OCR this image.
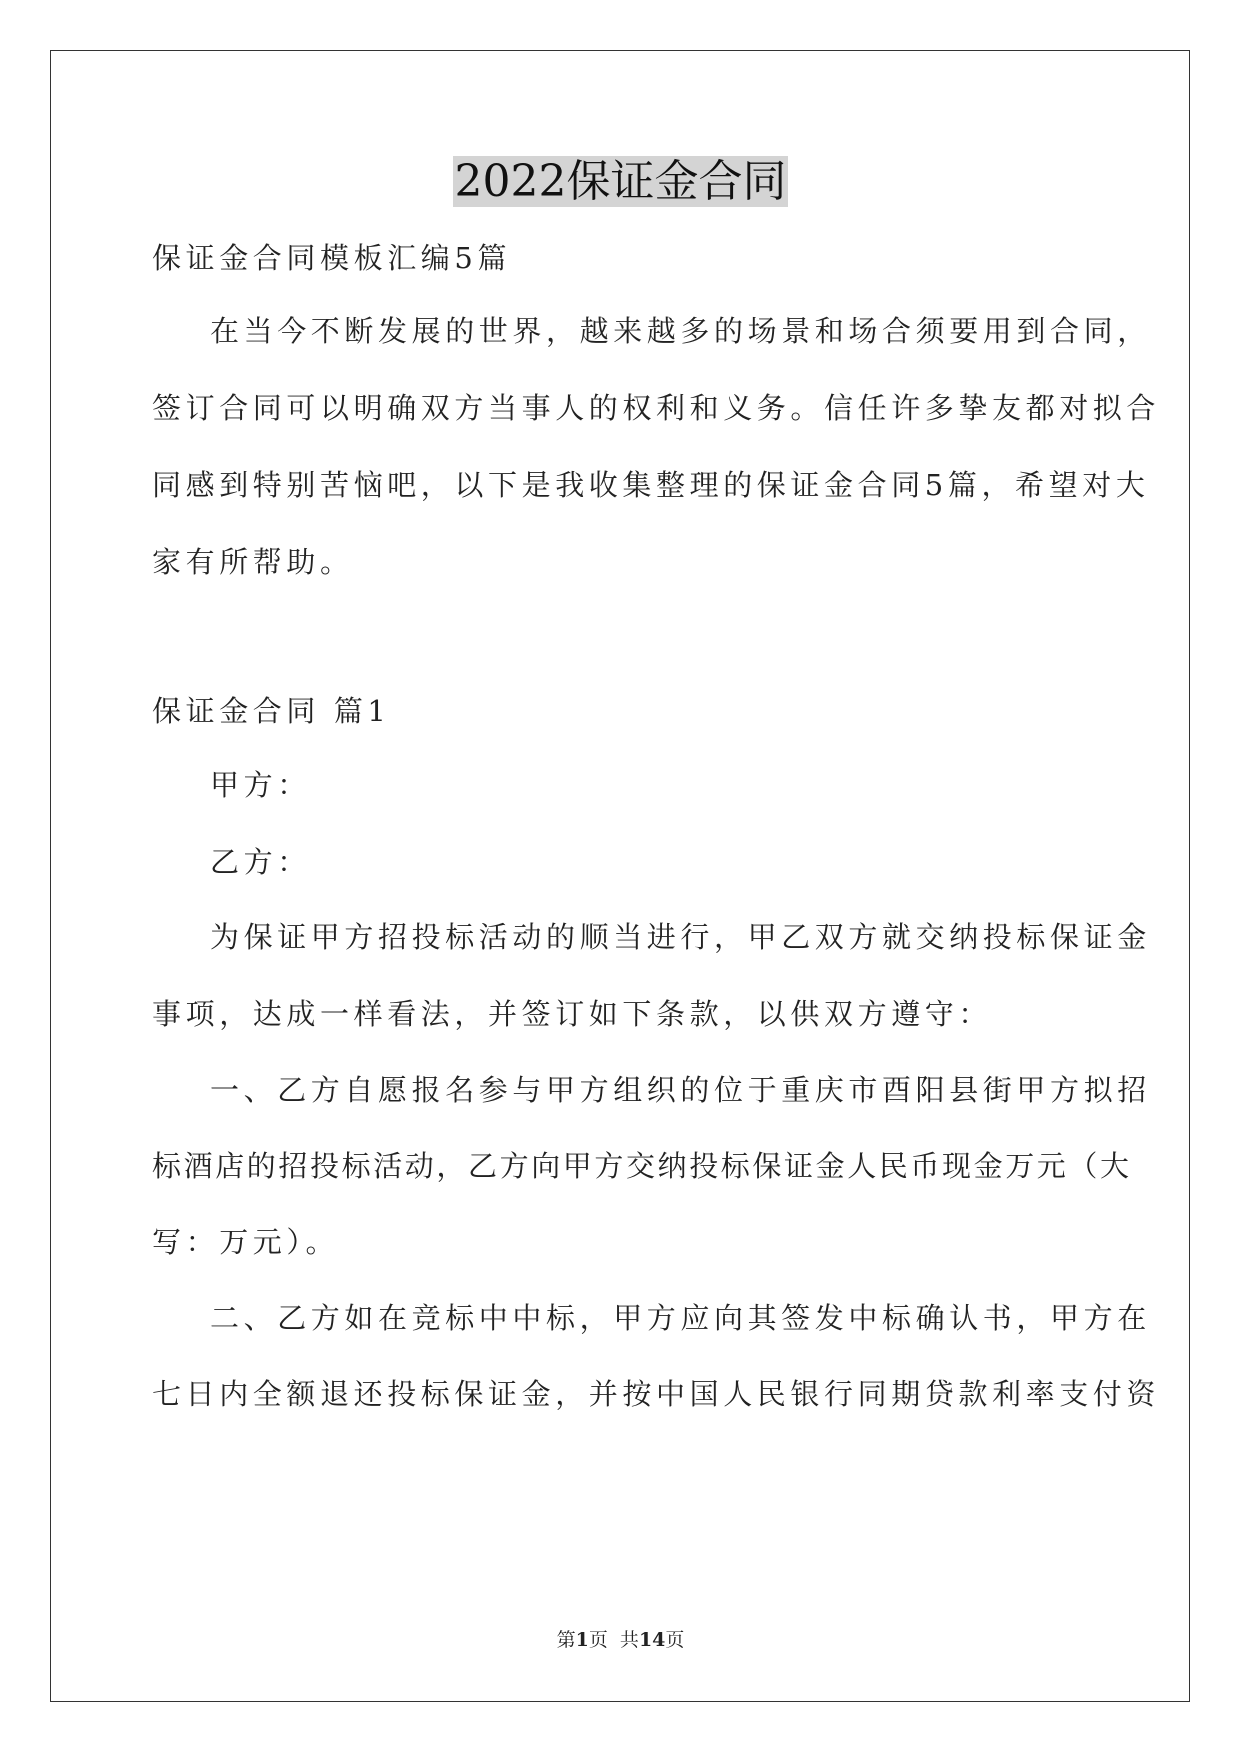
2022保证金合同
保证金合同模板汇编5篇
在当今不断发展的世界，越来越多的场景和场合须要用到合同，
签订合同可以明确双方当事人的权利和义务。信任许多挚友都对拟合
同感到特别苦恼吧，以下是我收集整理的保证金合同5篇，希望对大
家有所帮助。
保证金合同 篇1
甲方：
乙方：
为保证甲方招投标活动的顺当进行，甲乙双方就交纳投标保证金
事项，达成一样看法，并签订如下条款，以供双方遵守：
一、乙方自愿报名参与甲方组织的位于重庆市酉阳县街甲方拟招
标酒店的招投标活动，乙方向甲方交纳投标保证金人民币现金万元（大
写：万元）。
二、乙方如在竞标中中标，甲方应向其签发中标确认书，甲方在
七日内全额退还投标保证金，并按中国人民银行同期贷款利率支付资
第1页  共14页
